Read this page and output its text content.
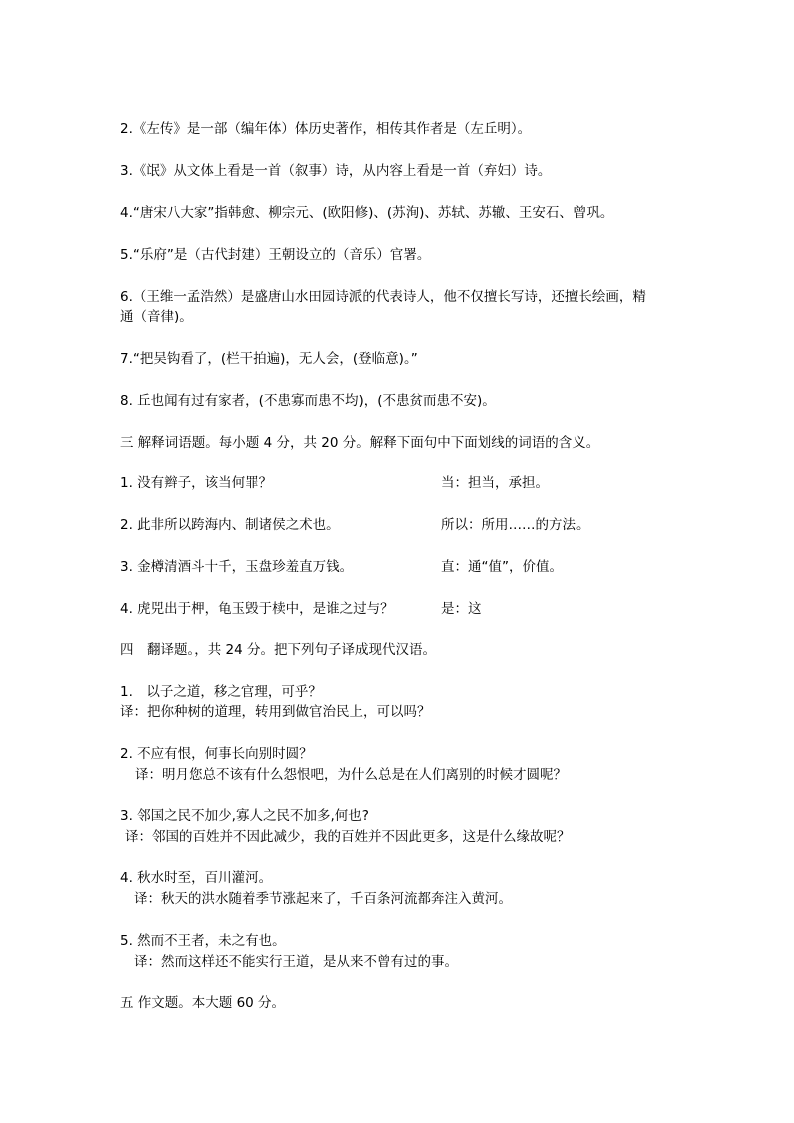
2.《左传》是一部（编年体）体历史著作，相传其作者是（左丘明）。
3.《氓》从文体上看是一首（叙事）诗，从内容上看是一首（弃妇）诗。
4.“唐宋八大家”指韩愈、柳宗元、(欧阳修)、(苏洵)、苏轼、苏辙、王安石、曾巩。
5.“乐府”是（古代封建）王朝设立的（音乐）官署。
6.（王维一孟浩然）是盛唐山水田园诗派的代表诗人，他不仅擅长写诗，还擅长绘画，精
通（音律)。
7.“把吴钩看了，(栏干拍遍)，无人会，(登临意)。”
8. 丘也闻有过有家者，(不患寡而患不均)，(不患贫而患不安)。
三 解释词语题。每小题 4 分，共 20 分。解释下面句中下面划线的词语的含义。
1. 没有辫子，该当何罪？	当：担当，承担。
2. 此非所以跨海内、制诸侯之术也。	所以：所用……的方法。
3. 金樽清酒斗十千，玉盘珍羞直万钱。	直：通“值”，价值。
4. 虎兕出于柙，龟玉毁于椟中，是谁之过与？	是：这
四　翻译题。，共 24 分。把下列句子译成现代汉语。
1.　以子之道，移之官理，可乎？
译：把你种树的道理，转用到做官治民上，可以吗？
2. 不应有恨，何事长向别时圆？
译：明月您总不该有什么怨恨吧，为什么总是在人们离别的时候才圆呢？
3. 邻国之民不加少,寡人之民不加多,何也?
译：邻国的百姓并不因此减少，我的百姓并不因此更多，这是什么缘故呢？
4. 秋水时至，百川灌河。
译：秋天的洪水随着季节涨起来了，千百条河流都奔注入黄河。
5. 然而不王者，未之有也。
译：然而这样还不能实行王道，是从来不曾有过的事。
五 作文题。本大题 60 分。
